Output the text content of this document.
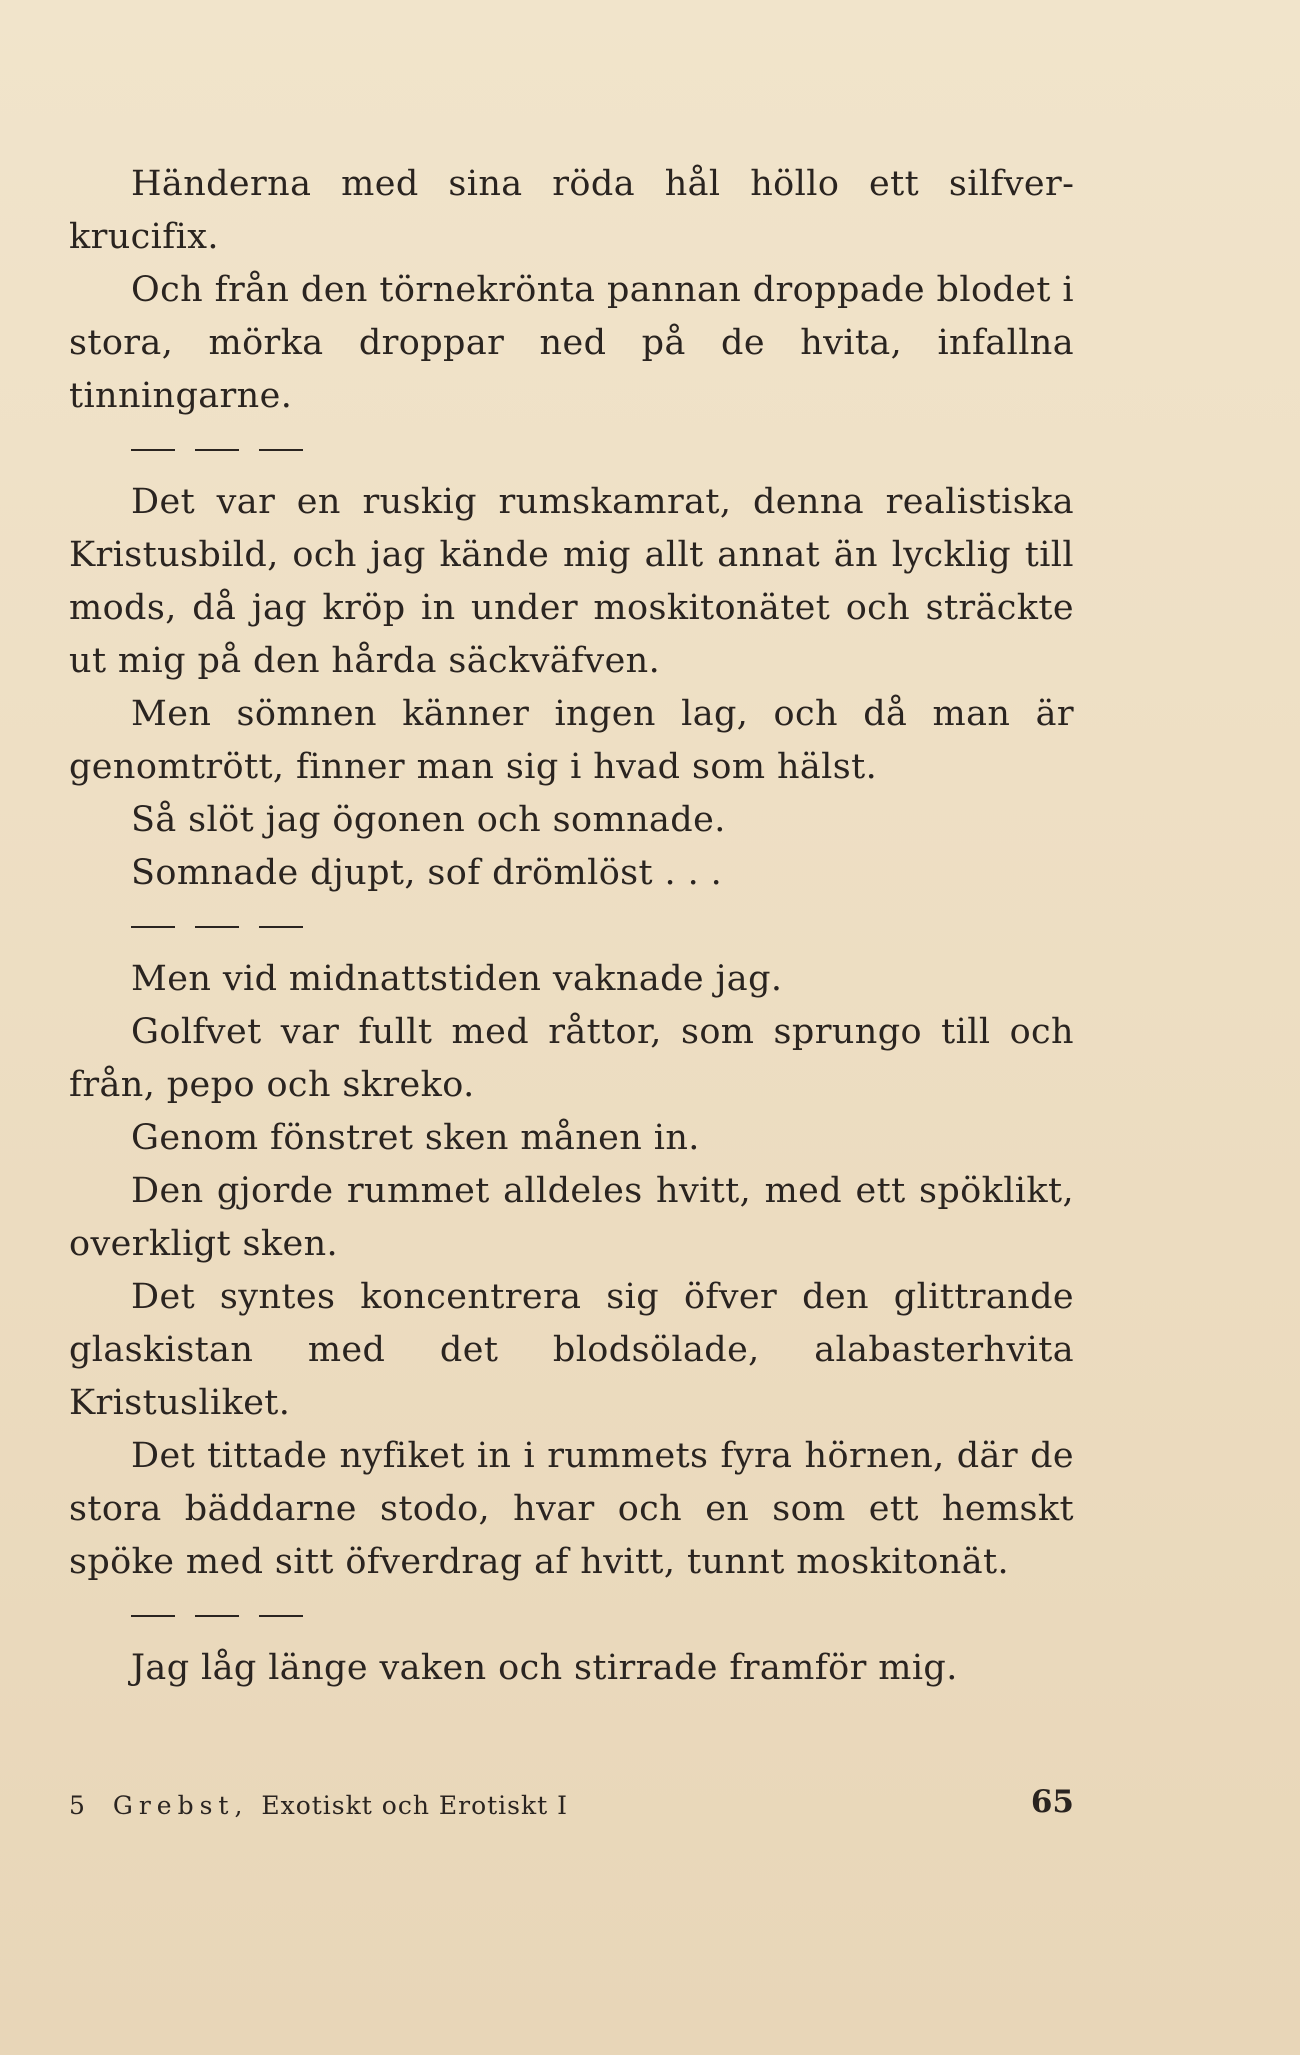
Händerna med sina röda hål höllo ett silfverkrucifix.

Och från den törnekrönta pannan droppade blodet i stora, mörka droppar ned på de hvita, infallna tinningarne.

Det var en ruskig rumskamrat, denna realistiska Kristusbild, och jag kände mig allt annat än lycklig till mods, då jag kröp in under moskitonätet och sträckte ut mig på den hårda säckväfven.

Men sömnen känner ingen lag, och då man är genomtrött, finner man sig i hvad som hälst.

Så slöt jag ögonen och somnade.

Somnade djupt, sof drömlöst . . .

Men vid midnattstiden vaknade jag.

Golfvet var fullt med råttor, som sprungo till och från, pepo och skreko.

Genom fönstret sken månen in.

Den gjorde rummet alldeles hvitt, med ett spöklikt, overkligt sken.

Det syntes koncentrera sig öfver den glittrande glaskistan med det blodsölade, alabasterhvita Kristusliket.

Det tittade nyfiket in i rummets fyra hörnen, där de stora bäddarne stodo, hvar och en som ett hemskt spöke med sitt öfverdrag af hvitt, tunnt moskitonät.

Jag låg länge vaken och stirrade framför mig.

5 Grebst, Exotiskt och Erotiskt I	65
